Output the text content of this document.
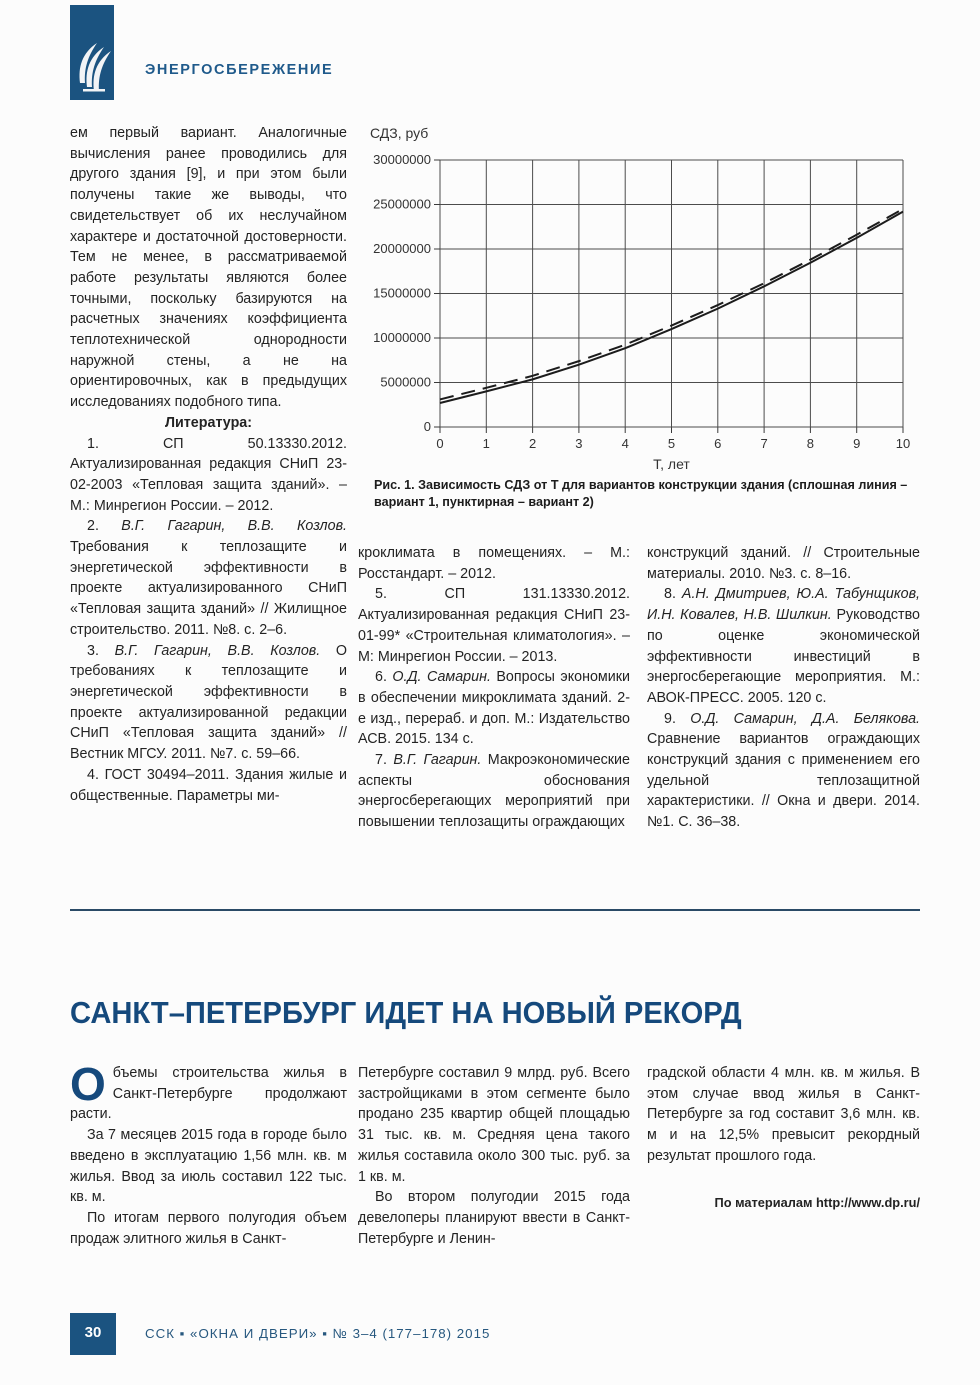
ЭНЕРГОСБЕРЕЖЕНИЕ

ем первый вариант. Аналогичные вычисления ранее проводились для другого здания [9], и при этом были получены такие же выводы, что свидетельствует об их неслучайном характере и достаточной достоверности. Тем не менее, в рассматриваемой работе результаты являются более точными, поскольку базируются на расчетных значениях коэффициента теплотехнической однородности наружной стены, а не на ориентировочных, как в предыдущих исследованиях подобного типа.

Литература:

1. СП 50.13330.2012. Актуализированная редакция СНиП 23-02-2003 «Тепловая защита зданий». – М.: Минрегион России. – 2012.

2. В.Г. Гагарин, В.В. Козлов. Требования к теплозащите и энергетической эффективности в проекте актуализированного СНиП «Тепловая защита зданий» // Жилищное строительство. 2011. №8. с. 2–6.

3. В.Г. Гагарин, В.В. Козлов. О требованиях к теплозащите и энергетической эффективности в проекте актуализированной редакции СНиП «Тепловая защита зданий» // Вестник МГСУ. 2011. №7. с. 59–66.

4. ГОСТ 30494–2011. Здания жилые и общественные. Параметры ми-

0	1	2	3	4	5	6	7	8	9	10
0
5000000
10000000
15000000
20000000
25000000
30000000
СДЗ, руб
Т, лет
Рис. 1. Зависимость СДЗ от Т для вариантов конструкции здания (сплошная линия – вариант 1, пунктирная – вариант 2)

кроклимата в помещениях. – М.: Росстандарт. – 2012.

5. СП 131.13330.2012. Актуализированная редакция СНиП 23-01-99* «Строительная климатология». – М: Минрегион России. – 2013.

6. О.Д. Самарин. Вопросы экономики в обеспечении микроклимата зданий. 2-е изд., перераб. и доп. М.: Издательство АСВ. 2015. 134 с.

7. В.Г. Гагарин. Макроэкономические аспекты обоснования энергосберегающих мероприятий при повышении теплозащиты ограждающих

конструкций зданий. // Строительные материалы. 2010. №3. с. 8–16.

8. А.Н. Дмитриев, Ю.А. Табунщиков, И.Н. Ковалев, Н.В. Шилкин. Руководство по оценке экономической эффективности инвестиций в энергосберегающие мероприятия. М.: АВОК-ПРЕСС. 2005. 120 с.

9. О.Д. Самарин, Д.А. Белякова. Сравнение вариантов ограждающих конструкций здания с применением его удельной теплозащитной характеристики. // Окна и двери. 2014. №1. С. 36–38.

САНКТ–ПЕТЕРБУРГ ИДЕТ НА НОВЫЙ РЕКОРД

Объемы строительства жилья в Санкт-Петербурге продолжают расти.

За 7 месяцев 2015 года в городе было введено в эксплуатацию 1,56 млн. кв. м жилья. Ввод за июль составил 122 тыс. кв. м.

По итогам первого полугодия объем продаж элитного жилья в Санкт-

Петербурге составил 9 млрд. руб. Всего застройщиками в этом сегменте было продано 235 квартир общей площадью 31 тыс. кв. м. Средняя цена такого жилья составила около 300 тыс. руб. за 1 кв. м.

Во втором полугодии 2015 года девелоперы планируют ввести в Санкт-Петербурге и Ленин-

градской области 4 млн. кв. м жилья. В этом случае ввод жилья в Санкт-Петербурге за год составит 3,6 млн. кв. м и на 12,5% превысит рекордный результат прошлого года.

По материалам http://www.dp.ru/

30	ССК ▪ «ОКНА И ДВЕРИ» ▪ № 3–4 (177–178) 2015
